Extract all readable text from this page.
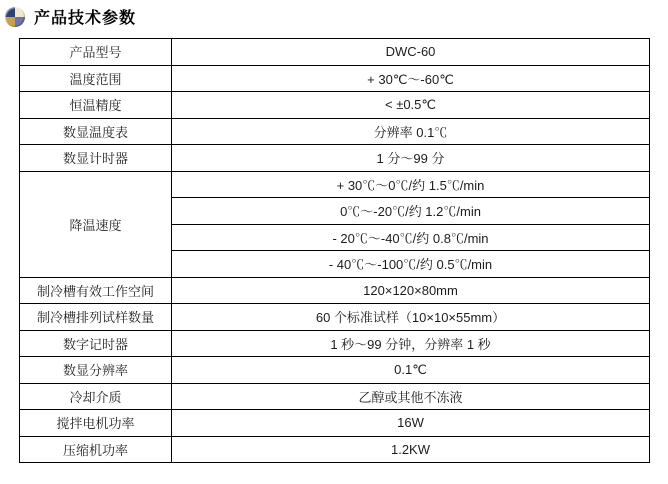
产品技术参数
产品型号	DWC-60
温度范围	+ 30℃～-60℃
恒温精度	< ±0.5℃
数显温度表	分辨率 0.1℃
数显计时器	1 分～99 分
降温速度	+ 30℃～0℃/约 1.5℃/min
	0℃～-20℃/约 1.2℃/min
	- 20℃～-40℃/约 0.8℃/min
	- 40℃～-100℃/约 0.5℃/min
制冷槽有效工作空间	120×120×80mm
制冷槽排列试样数量	60 个标准试样（10×10×55mm）
数字记时器	1 秒～99 分钟，分辨率 1 秒
数显分辨率	0.1℃
冷却介质	乙醇或其他不冻液
搅拌电机功率	16W
压缩机功率	1.2KW
